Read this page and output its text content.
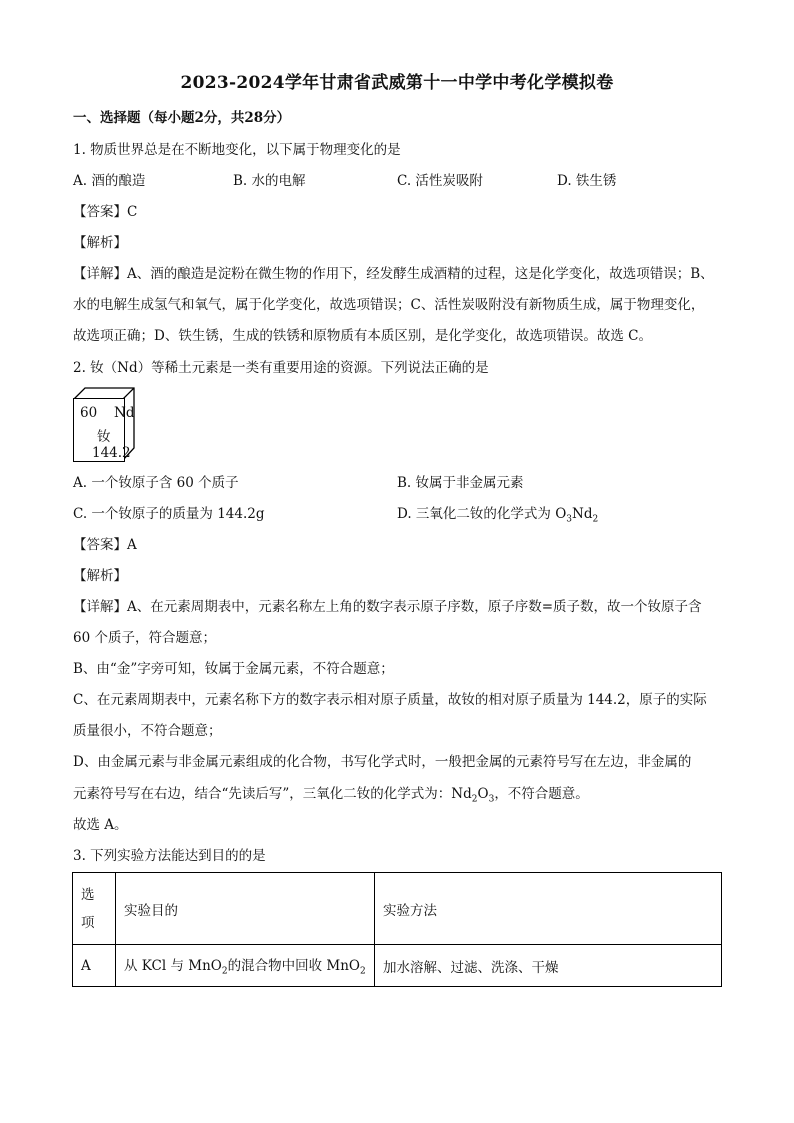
2023-2024学年甘肃省武威第十一中学中考化学模拟卷
一、选择题（每小题2分，共28分）
1. 物质世界总是在不断地变化，以下属于物理变化的是
A. 酒的酿造	B. 水的电解	C. 活性炭吸附	D. 铁生锈
【答案】C
【解析】
【详解】A、酒的酿造是淀粉在微生物的作用下，经发酵生成酒精的过程，这是化学变化，故选项错误；B、
水的电解生成氢气和氧气，属于化学变化，故选项错误；C、活性炭吸附没有新物质生成，属于物理变化，
故选项正确；D、铁生锈，生成的铁锈和原物质有本质区别，是化学变化，故选项错误。故选 C。
2. 钕（Nd）等稀土元素是一类有重要用途的资源。下列说法正确的是
60 Nd
钕
144.2
A. 一个钕原子含 60 个质子	B. 钕属于非金属元素
C. 一个钕原子的质量为 144.2g	D. 三氧化二钕的化学式为 $O_3Nd_2$
【答案】A
【解析】
【详解】A、在元素周期表中，元素名称左上角的数字表示原子序数，原子序数=质子数，故一个钕原子含
60 个质子，符合题意；
B、由“金”字旁可知，钕属于金属元素，不符合题意；
C、在元素周期表中，元素名称下方的数字表示相对原子质量，故钕的相对原子质量为 144.2，原子的实际
质量很小，不符合题意；
D、由金属元素与非金属元素组成的化合物，书写化学式时，一般把金属的元素符号写在左边，非金属的
元素符号写在右边，结合“先读后写”，三氧化二钕的化学式为：$Nd_2O_3$，不符合题意。
故选 A。
3. 下列实验方法能达到目的的是
选
项	实验目的	实验方法
A	从 KCl 与 MnO$_2$的混合物中回收 MnO$_2$	加水溶解、过滤、洗涤、干燥
